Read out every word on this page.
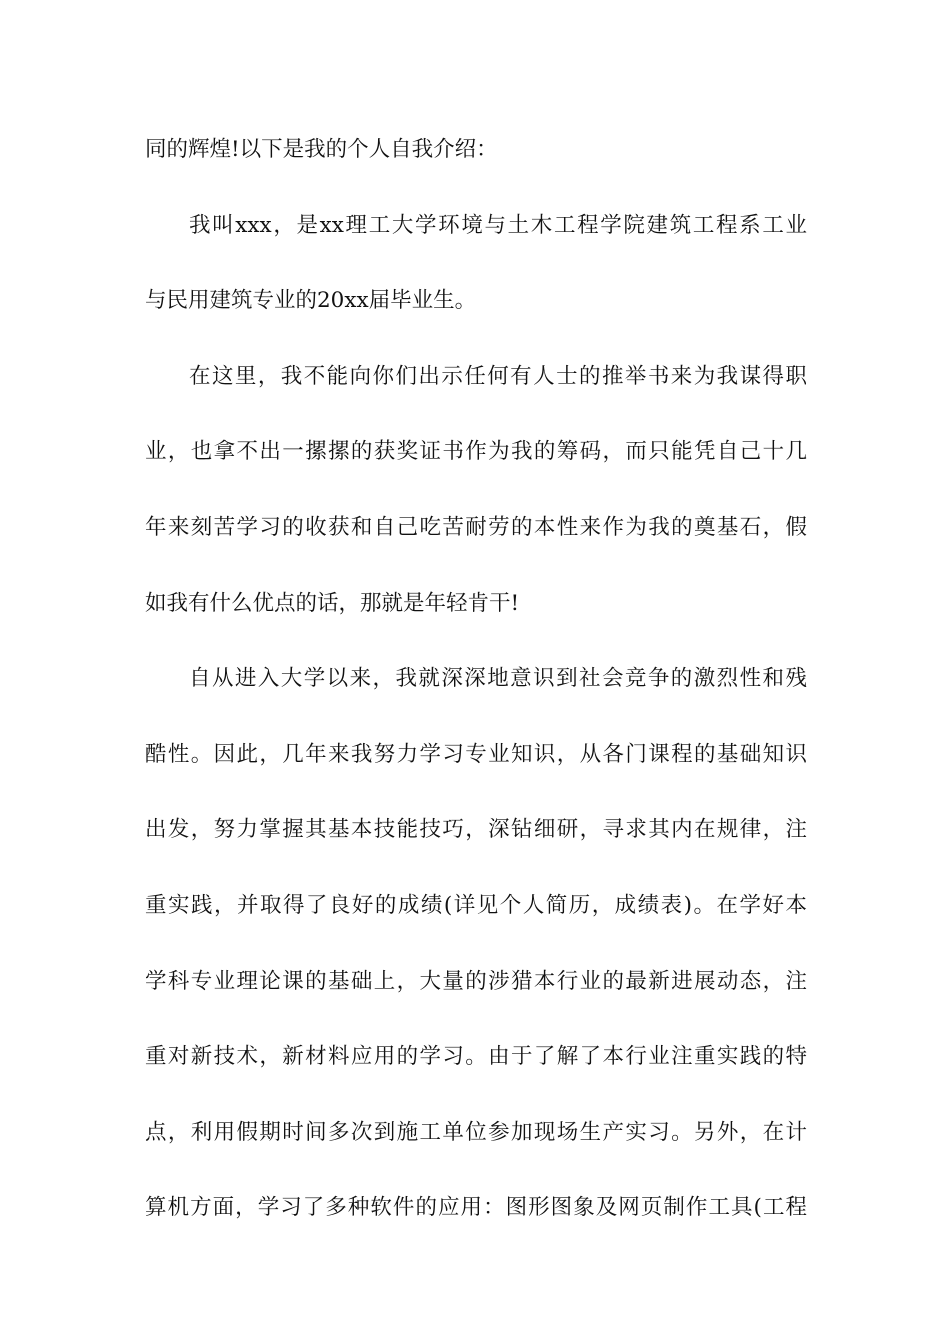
同的辉煌!以下是我的个人自我介绍：
我叫xxx，是xx理工大学环境与土木工程学院建筑工程系工业
与民用建筑专业的20xx届毕业生。
在这里，我不能向你们出示任何有人士的推举书来为我谋得职
业，也拿不出一摞摞的获奖证书作为我的筹码，而只能凭自己十几
年来刻苦学习的收获和自己吃苦耐劳的本性来作为我的奠基石，假
如我有什么优点的话，那就是年轻肯干!
自从进入大学以来，我就深深地意识到社会竞争的激烈性和残
酷性。因此，几年来我努力学习专业知识，从各门课程的基础知识
出发，努力掌握其基本技能技巧，深钻细研，寻求其内在规律，注
重实践，并取得了良好的成绩(详见个人简历，成绩表)。在学好本
学科专业理论课的基础上，大量的涉猎本行业的最新进展动态，注
重对新技术，新材料应用的学习。由于了解了本行业注重实践的特
点，利用假期时间多次到施工单位参加现场生产实习。另外，在计
算机方面，学习了多种软件的应用：图形图象及网页制作工具(工程
